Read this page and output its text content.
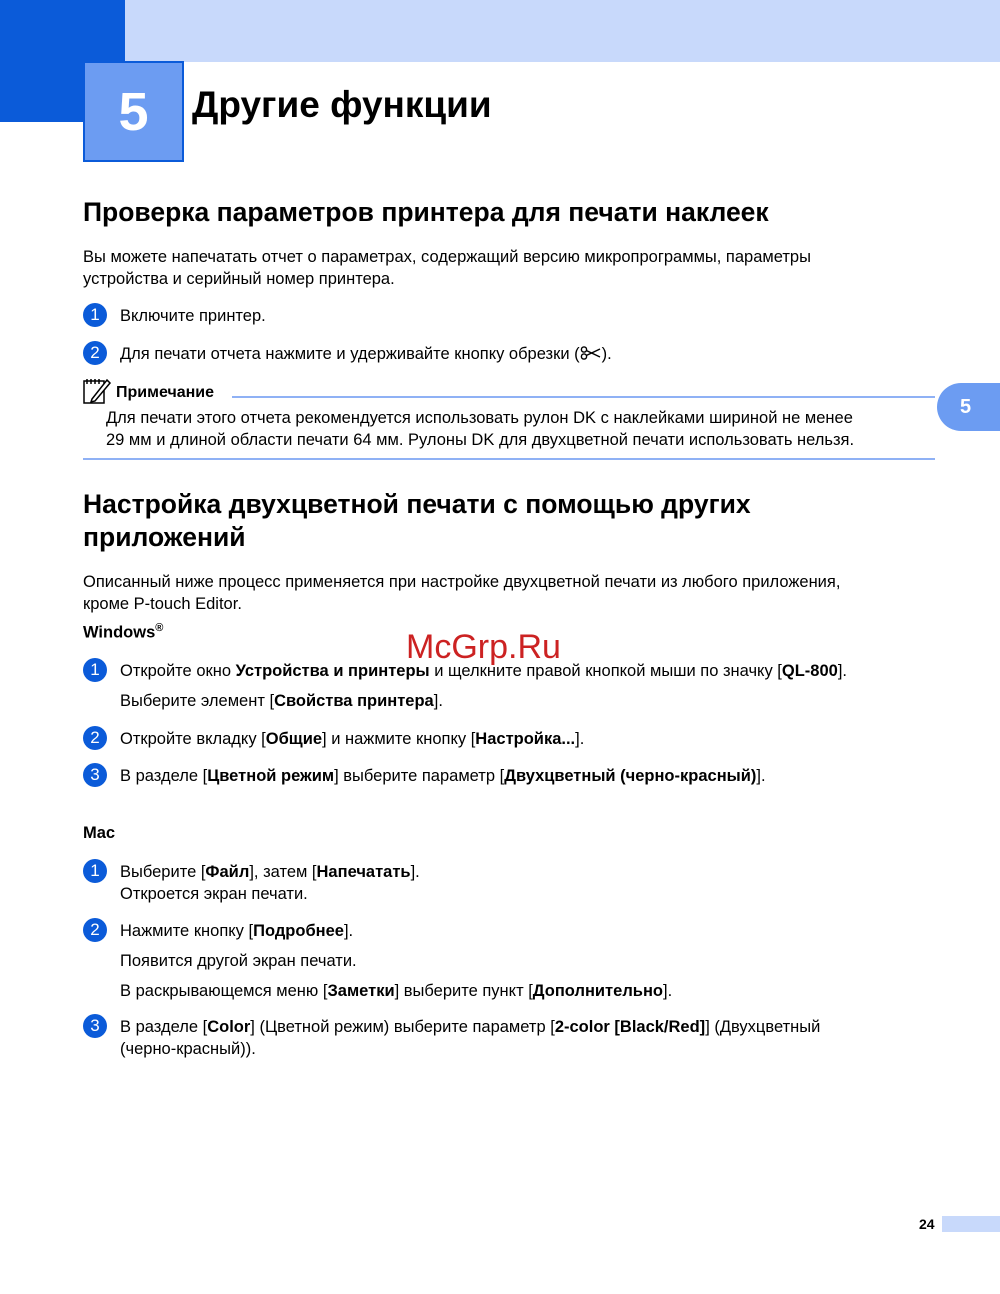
5 Другие функции
5
Проверка параметров принтера для печати наклеек
Вы можете напечатать отчет о параметрах, содержащий версию микропрограммы, параметры
устройства и серийный номер принтера.
1	Включите принтер.
2	Для печати отчета нажмите и удерживайте кнопку обрезки ( ).
Примечание
Для печати этого отчета рекомендуется использовать рулон DK с наклейками шириной не менее
29 мм и длиной области печати 64 мм. Рулоны DK для двухцветной печати использовать нельзя.
Настройка двухцветной печати с помощью других
приложений
Описанный ниже процесс применяется при настройке двухцветной печати из любого приложения,
кроме P-touch Editor.
Windows®	McGrp.Ru
1	Откройте окно Устройства и принтеры и щелкните правой кнопкой мыши по значку [QL-800].
Выберите элемент [Свойства принтера].
2	Откройте вкладку [Общие] и нажмите кнопку [Настройка...].
3	В разделе [Цветной режим] выберите параметр [Двухцветный (черно-красный)].
Mac
1	Выберите [Файл], затем [Напечатать].
Откроется экран печати.
2	Нажмите кнопку [Подробнее].
Появится другой экран печати.
В раскрывающемся меню [Заметки] выберите пункт [Дополнительно].
3	В разделе [Color] (Цветной режим) выберите параметр [2-color [Black/Red]] (Двухцветный
(черно-красный)).
24
